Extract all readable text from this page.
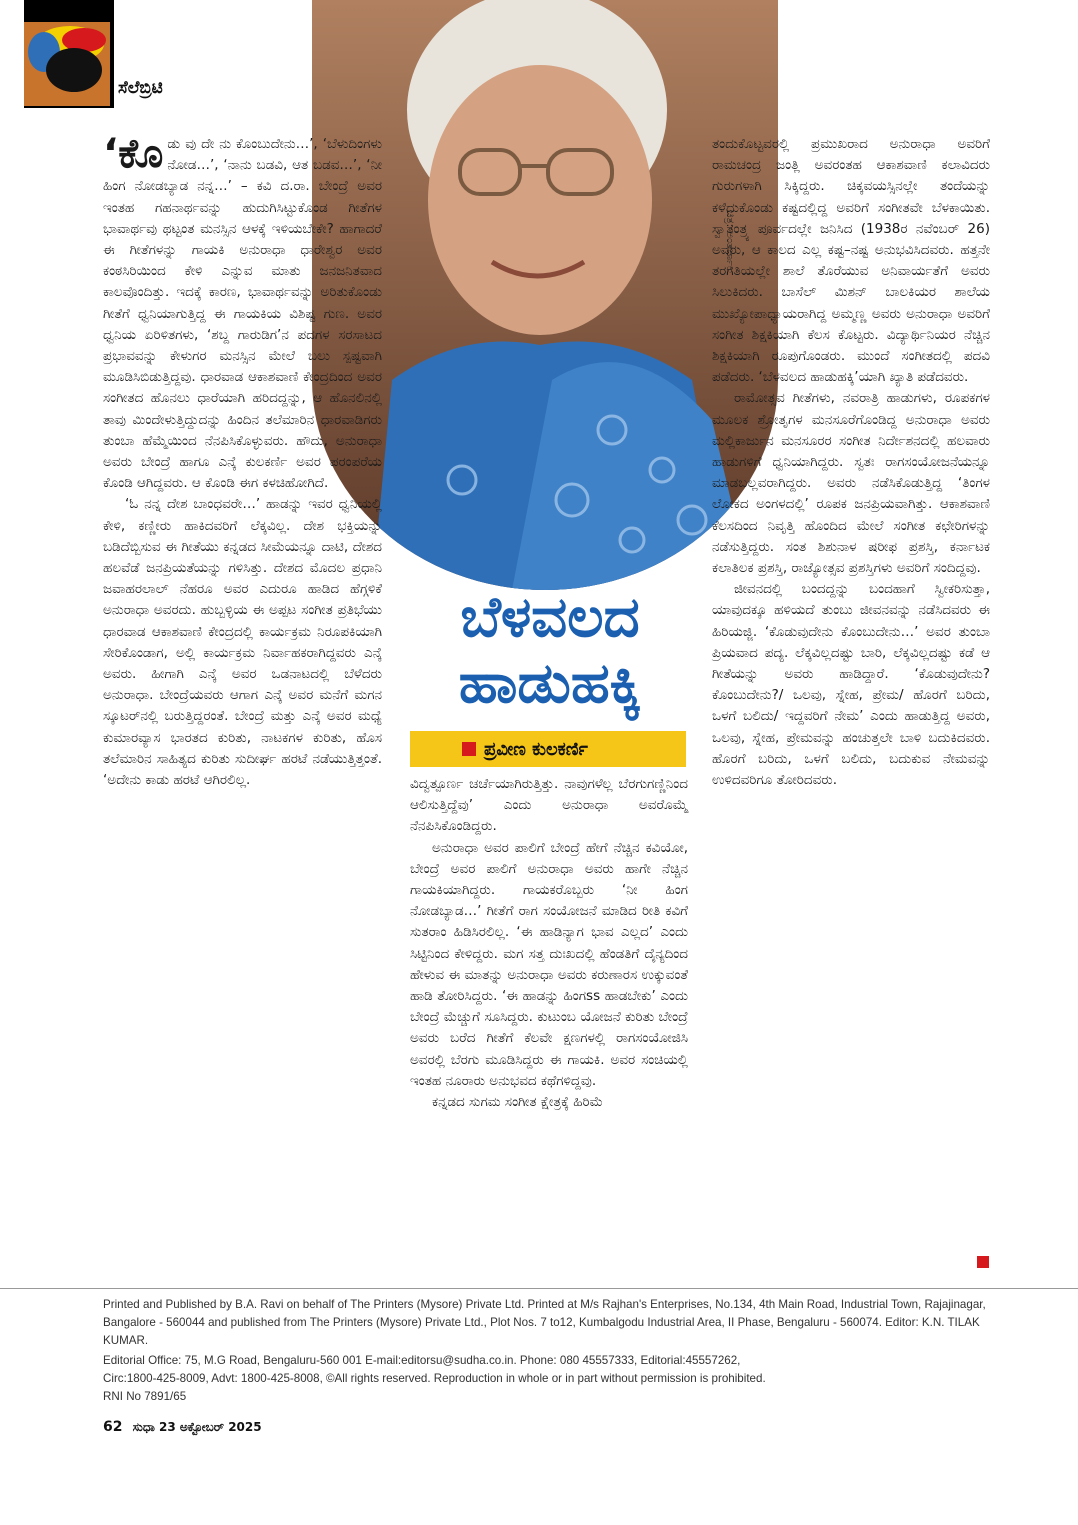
ಸೆಲೆಬ್ರಿಟಿ
ಚಿತ್ರ: ಅಂತರ್ಜಾಲ
ಬೆಳವಲದ
ಹಾಡುಹಕ್ಕಿ
ಪ್ರವೀಣ ಕುಲಕರ್ಣಿ

‘ಕೊಡು ವು ದೇ ನು ಕೊಂಬುದೇನು…’, ‘ಬೆಳುದಿಂಗಳು ನೋಡ…’, ‘ನಾನು ಬಡವಿ, ಆತ ಬಡವ…’, ‘ನೀ ಹಿಂಗ ನೋಡಬ್ಯಾಡ ನನ್ನ…’ – ಕವಿ ದ.ರಾ. ಬೇಂದ್ರೆ ಅವರ ಇಂತಹ ಗಹನಾರ್ಥವನ್ನು ಹುದುಗಿಸಿಟ್ಟುಕೊಂಡ ಗೀತೆಗಳ ಭಾವಾರ್ಥವು ಥಟ್ಟಂತ ಮನಸ್ಸಿನ ಆಳಕ್ಕೆ ಇಳಿಯಬೇಕೇ? ಹಾಗಾದರೆ ಈ ಗೀತೆಗಳನ್ನು ಗಾಯಕಿ ಅನುರಾಧಾ ಧಾರೇಶ್ವರ ಅವರ ಕಂಠಸಿರಿಯಿಂದ ಕೇಳಿ ಎನ್ನುವ ಮಾತು ಜನಜನಿತವಾದ ಕಾಲವೊಂದಿತ್ತು. ಇದಕ್ಕೆ ಕಾರಣ, ಭಾವಾರ್ಥವನ್ನು ಅರಿತುಕೊಂಡು ಗೀತೆಗೆ ಧ್ವನಿಯಾಗುತ್ತಿದ್ದ ಈ ಗಾಯಕಿಯ ವಿಶಿಷ್ಟ ಗುಣ. ಅವರ ಧ್ವನಿಯ ಏರಿಳಿತಗಳು, ‘ಶಬ್ದ ಗಾರುಡಿಗ’ನ ಪದಗಳ ಸರಸಾಟದ ಪ್ರಭಾವವನ್ನು ಕೇಳುಗರ ಮನಸ್ಸಿನ ಮೇಲೆ ಬಲು ಸ್ಪಷ್ಟವಾಗಿ ಮೂಡಿಸಿಬಿಡುತ್ತಿದ್ದವು. ಧಾರವಾಡ ಆಕಾಶವಾಣಿ ಕೇಂದ್ರದಿಂದ ಅವರ ಸಂಗೀತದ ಹೊನಲು ಧಾರೆಯಾಗಿ ಹರಿದದ್ದನ್ನು, ಆ ಹೊನಲಿನಲ್ಲಿ ತಾವು ಮಿಂದೇಳುತ್ತಿದ್ದುದನ್ನು ಹಿಂದಿನ ತಲೆಮಾರಿನ ಧಾರವಾಡಿಗರು ತುಂಬಾ ಹೆಮ್ಮೆಯಿಂದ ನೆನಪಿಸಿಕೊಳ್ಳುವರು. ಹೌದು, ಅನುರಾಧಾ ಅವರು ಬೇಂದ್ರೆ ಹಾಗೂ ಎನ್ಕೆ ಕುಲಕರ್ಣಿ ಅವರ ಪರಂಪರೆಯ ಕೊಂಡಿ ಆಗಿದ್ದವರು. ಆ ಕೊಂಡಿ ಈಗ ಕಳಚಿಹೋಗಿದೆ.

‘ಓ ನನ್ನ ದೇಶ ಬಾಂಧವರೇ…’ ಹಾಡನ್ನು ಇವರ ಧ್ವನಿಯಲ್ಲಿ ಕೇಳಿ, ಕಣ್ಣೀರು ಹಾಕಿದವರಿಗೆ ಲೆಕ್ಕವಿಲ್ಲ. ದೇಶ ಭಕ್ತಿಯನ್ನು ಬಡಿದೆಬ್ಬಿಸುವ ಈ ಗೀತೆಯು ಕನ್ನಡದ ಸೀಮೆಯನ್ನೂ ದಾಟಿ, ದೇಶದ ಹಲವೆಡೆ ಜನಪ್ರಿಯತೆಯನ್ನು ಗಳಿಸಿತ್ತು. ದೇಶದ ಮೊದಲ ಪ್ರಧಾನಿ ಜವಾಹರಲಾಲ್ ನೆಹರೂ ಅವರ ಎದುರೂ ಹಾಡಿದ ಹೆಗ್ಗಳಿಕೆ ಅನುರಾಧಾ ಅವರದು. ಹುಬ್ಬಳ್ಳಿಯ ಈ ಅಪ್ಪಟ ಸಂಗೀತ ಪ್ರತಿಭೆಯು ಧಾರವಾಡ ಆಕಾಶವಾಣಿ ಕೇಂದ್ರದಲ್ಲಿ ಕಾರ್ಯಕ್ರಮ ನಿರೂಪಕಿಯಾಗಿ ಸೇರಿಕೊಂಡಾಗ, ಅಲ್ಲಿ ಕಾರ್ಯಕ್ರಮ ನಿರ್ವಾಹಕರಾಗಿದ್ದವರು ಎನ್ಕೆ ಅವರು. ಹೀಗಾಗಿ ಎನ್ಕೆ ಅವರ ಒಡನಾಟದಲ್ಲಿ ಬೆಳೆದರು ಅನುರಾಧಾ. ಬೇಂದ್ರೆಯವರು ಆಗಾಗ ಎನ್ಕೆ ಅವರ ಮನೆಗೆ ಮಗನ ಸ್ಕೂಟರ್‌ನಲ್ಲಿ ಬರುತ್ತಿದ್ದರಂತೆ. ಬೇಂದ್ರೆ ಮತ್ತು ಎನ್ಕೆ ಅವರ ಮಧ್ಯೆ ಕುಮಾರವ್ಯಾಸ ಭಾರತದ ಕುರಿತು, ನಾಟಕಗಳ ಕುರಿತು, ಹೊಸ ತಲೆಮಾರಿನ ಸಾಹಿತ್ಯದ ಕುರಿತು ಸುದೀರ್ಘ ಹರಟೆ ನಡೆಯುತ್ತಿತ್ತಂತೆ. ‘ಅದೇನು ಕಾಡು ಹರಟೆ ಆಗಿರಲಿಲ್ಲ.	ವಿದ್ವತ್ಪೂರ್ಣ ಚರ್ಚೆಯಾಗಿರುತ್ತಿತ್ತು. ನಾವುಗಳೆಲ್ಲ ಬೆರಗುಗಣ್ಣಿನಿಂದ ಆಲಿಸುತ್ತಿದ್ದೆವು’ ಎಂದು ಅನುರಾಧಾ ಅವರೊಮ್ಮೆ ನೆನಪಿಸಿಕೊಂಡಿದ್ದರು.

ಅನುರಾಧಾ ಅವರ ಪಾಲಿಗೆ ಬೇಂದ್ರೆ ಹೇಗೆ ನೆಚ್ಚಿನ ಕವಿಯೋ, ಬೇಂದ್ರೆ ಅವರ ಪಾಲಿಗೆ ಅನುರಾಧಾ ಅವರು ಹಾಗೇ ನೆಚ್ಚಿನ ಗಾಯಕಿಯಾಗಿದ್ದರು. ಗಾಯಕರೊಬ್ಬರು ‘ನೀ ಹಿಂಗ ನೋಡಬ್ಯಾಡ…’ ಗೀತೆಗೆ ರಾಗ ಸಂಯೋಜನೆ ಮಾಡಿದ ರೀತಿ ಕವಿಗೆ ಸುತರಾಂ ಹಿಡಿಸಿರಲಿಲ್ಲ. ‘ಈ ಹಾಡಿನ್ಯಾಗ ಭಾವ ಎಲ್ಲದ’ ಎಂದು ಸಿಟ್ಟಿನಿಂದ ಕೇಳಿದ್ದರು. ಮಗ ಸತ್ತ ದುಃಖದಲ್ಲಿ ಹೆಂಡತಿಗೆ ದೈನ್ಯದಿಂದ ಹೇಳುವ ಈ ಮಾತನ್ನು ಅನುರಾಧಾ ಅವರು ಕರುಣಾರಸ ಉಕ್ಕುವಂತೆ ಹಾಡಿ ತೋರಿಸಿದ್ದರು. ‘ಈ ಹಾಡನ್ನು ಹಿಂಗss ಹಾಡಬೇಕು’ ಎಂದು ಬೇಂದ್ರೆ ಮೆಚ್ಚುಗೆ ಸೂಸಿದ್ದರು. ಕುಟುಂಬ ಯೋಜನೆ ಕುರಿತು ಬೇಂದ್ರೆ ಅವರು ಬರೆದ ಗೀತೆಗೆ ಕೆಲವೇ ಕ್ಷಣಗಳಲ್ಲಿ ರಾಗಸಂಯೋಜಿಸಿ ಅವರಲ್ಲಿ ಬೆರಗು ಮೂಡಿಸಿದ್ದರು ಈ ಗಾಯಕಿ. ಅವರ ಸಂಚಿಯಲ್ಲಿ ಇಂತಹ ನೂರಾರು ಅನುಭವದ ಕಥೆಗಳಿದ್ದವು.

ಕನ್ನಡದ ಸುಗಮ ಸಂಗೀತ ಕ್ಷೇತ್ರಕ್ಕೆ ಹಿರಿಮೆ

ತಂದುಕೊಟ್ಟವರಲ್ಲಿ ಪ್ರಮುಖರಾದ ಅನುರಾಧಾ ಅವರಿಗೆ ರಾಮಚಂದ್ರ ಜಂತ್ಲಿ ಅವರಂತಹ ಆಕಾಶವಾಣಿ ಕಲಾವಿದರು ಗುರುಗಳಾಗಿ ಸಿಕ್ಕಿದ್ದರು. ಚಿಕ್ಕವಯಸ್ಸಿನಲ್ಲೇ ತಂದೆಯನ್ನು ಕಳೆದುಕೊಂಡು ಕಷ್ಟದಲ್ಲಿದ್ದ ಅವರಿಗೆ ಸಂಗೀತವೇ ಬೆಳಕಾಯಿತು. ಸ್ವಾತಂತ್ರ್ಯ ಪೂರ್ವದಲ್ಲೇ ಜನಿಸಿದ (1938ರ ನವೆಂಬರ್ 26) ಅವರು, ಆ ಕಾಲದ ಎಲ್ಲ ಕಷ್ಟ–ನಷ್ಟ ಅನುಭವಿಸಿದವರು. ಹತ್ತನೇ ತರಗತಿಯಲ್ಲೇ ಶಾಲೆ ತೊರೆಯುವ ಅನಿವಾರ್ಯತೆಗೆ ಅವರು ಸಿಲುಕಿದರು. ಬಾಸೆಲ್ ಮಿಶನ್ ಬಾಲಕಿಯರ ಶಾಲೆಯ ಮುಖ್ಯೋಪಾಧ್ಯಾಯರಾಗಿದ್ದ ಅಮ್ಮಣ್ಣ ಅವರು ಅನುರಾಧಾ ಅವರಿಗೆ ಸಂಗೀತ ಶಿಕ್ಷಕಿಯಾಗಿ ಕೆಲಸ ಕೊಟ್ಟರು. ವಿದ್ಯಾರ್ಥಿನಿಯರ ನೆಚ್ಚಿನ ಶಿಕ್ಷಕಿಯಾಗಿ ರೂಪುಗೊಂಡರು. ಮುಂದೆ ಸಂಗೀತದಲ್ಲಿ ಪದವಿ ಪಡೆದರು. ‘ಬೆಳವಲದ ಹಾಡುಹಕ್ಕಿ’ಯಾಗಿ ಖ್ಯಾತಿ ಪಡೆದವರು.

ರಾಮೋತ್ಸವ ಗೀತೆಗಳು, ನವರಾತ್ರಿ ಹಾಡುಗಳು, ರೂಪಕಗಳ ಮೂಲಕ ಶ್ರೋತೃಗಳ ಮನಸೂರೆಗೊಂಡಿದ್ದ ಅನುರಾಧಾ ಅವರು ಮಲ್ಲಿಕಾರ್ಜುನ ಮನಸೂರರ ಸಂಗೀತ ನಿರ್ದೇಶನದಲ್ಲಿ ಹಲವಾರು ಹಾಡುಗಳಿಗೆ ಧ್ವನಿಯಾಗಿದ್ದರು. ಸ್ವತಃ ರಾಗಸಂಯೋಜನೆಯನ್ನೂ ಮಾಡಬಲ್ಲವರಾಗಿದ್ದರು. ಅವರು ನಡೆಸಿಕೊಡುತ್ತಿದ್ದ ‘ತಿಂಗಳ ಲೋಕದ ಅಂಗಳದಲ್ಲಿ’ ರೂಪಕ ಜನಪ್ರಿಯವಾಗಿತ್ತು. ಆಕಾಶವಾಣಿ ಕೆಲಸದಿಂದ ನಿವೃತ್ತಿ ಹೊಂದಿದ ಮೇಲೆ ಸಂಗೀತ ಕಛೇರಿಗಳನ್ನು ನಡೆಸುತ್ತಿದ್ದರು. ಸಂತ ಶಿಶುನಾಳ ಷರೀಫ ಪ್ರಶಸ್ತಿ, ಕರ್ನಾಟಕ ಕಲಾತಿಲಕ ಪ್ರಶಸ್ತಿ, ರಾಜ್ಯೋತ್ಸವ ಪ್ರಶಸ್ತಿಗಳು ಅವರಿಗೆ ಸಂದಿದ್ದವು.

ಜೀವನದಲ್ಲಿ ಬಂದದ್ದನ್ನು ಬಂದಹಾಗೆ ಸ್ವೀಕರಿಸುತ್ತಾ, ಯಾವುದಕ್ಕೂ ಹಳಿಯದೆ ತುಂಬು ಜೀವನವನ್ನು ನಡೆಸಿದವರು ಈ ಹಿರಿಯಜ್ಜಿ. ‘ಕೊಡುವುದೇನು ಕೊಂಬುದೇನು…’ ಅವರ ತುಂಬಾ ಪ್ರಿಯವಾದ ಪದ್ಯ. ಲೆಕ್ಕವಿಲ್ಲದಷ್ಟು ಬಾರಿ, ಲೆಕ್ಕವಿಲ್ಲದಷ್ಟು ಕಡೆ ಆ ಗೀತೆಯನ್ನು ಅವರು ಹಾಡಿದ್ದಾರೆ. ‘ಕೊಡುವುದೇನು? ಕೊಂಬುದೇನು?/ ಒಲವು, ಸ್ನೇಹ, ಪ್ರೇಮ/ ಹೊರಗೆ ಬರಿದು, ಒಳಗೆ ಬಲಿದು/ ಇದ್ದವರಿಗೆ ನೇಮ’ ಎಂದು ಹಾಡುತ್ತಿದ್ದ ಅವರು, ಒಲವು, ಸ್ನೇಹ, ಪ್ರೇಮವನ್ನು ಹಂಚುತ್ತಲೇ ಬಾಳಿ ಬದುಕಿದವರು. ಹೊರಗೆ ಬರಿದು, ಒಳಗೆ ಬಲಿದು, ಬದುಕುವ ನೇಮವನ್ನು ಉಳಿದವರಿಗೂ ತೋರಿದವರು.

Printed and Published by B.A. Ravi on behalf of The Printers (Mysore) Private Ltd. Printed at M/s Rajhan's Enterprises, No.134, 4th Main Road, Industrial Town, Rajajinagar, Bangalore - 560044 and published from The Printers (Mysore) Private Ltd., Plot Nos. 7 to12, Kumbalgodu Industrial Area, II Phase, Bengaluru - 560074. Editor: K.N. TILAK KUMAR.
Editorial Office: 75, M.G Road, Bengaluru-560 001 E-mail:editorsu@sudha.co.in. Phone: 080 45557333, Editorial:45557262,
Circ:1800-425-8009, Advt: 1800-425-8008, ©All rights reserved. Reproduction in whole or in part without permission is prohibited.
RNI No 7891/65
62 ಸುಧಾ 23 ಅಕ್ಟೋಬರ್ 2025
